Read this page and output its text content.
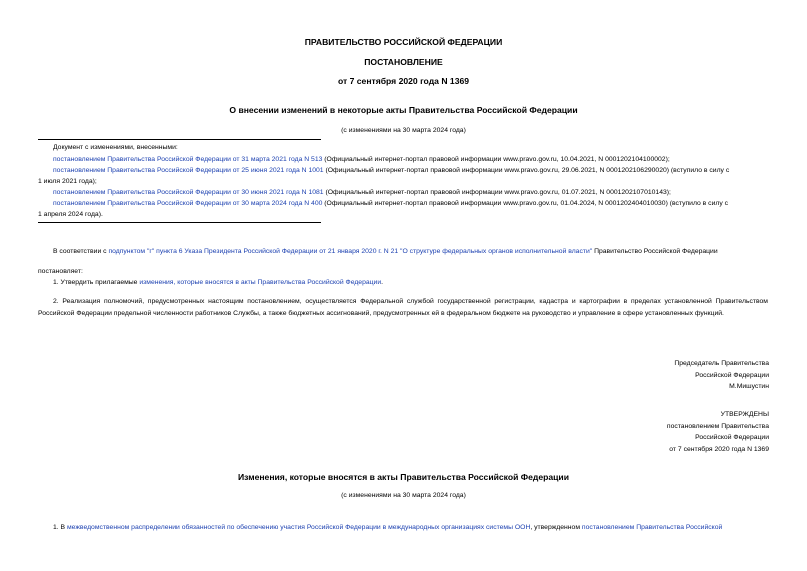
ПРАВИТЕЛЬСТВО РОССИЙСКОЙ ФЕДЕРАЦИИ
ПОСТАНОВЛЕНИЕ
от 7 сентября 2020 года N 1369
О внесении изменений в некоторые акты Правительства Российской Федерации
(с изменениями на 30 марта 2024 года)
Документ с изменениями, внесенными:
постановлением Правительства Российской Федерации от 31 марта 2021 года N 513 (Официальный интернет-портал правовой информации www.pravo.gov.ru, 10.04.2021, N 0001202104100002);
постановлением Правительства Российской Федерации от 25 июня 2021 года N 1001 (Официальный интернет-портал правовой информации www.pravo.gov.ru, 29.06.2021, N 0001202106290020) (вступило в силу с
1 июля 2021 года);
постановлением Правительства Российской Федерации от 30 июня 2021 года N 1081 (Официальный интернет-портал правовой информации www.pravo.gov.ru, 01.07.2021, N 0001202107010143);
постановлением Правительства Российской Федерации от 30 марта 2024 года N 400 (Официальный интернет-портал правовой информации www.pravo.gov.ru, 01.04.2024, N 0001202404010030) (вступило в силу с
1 апреля 2024 года).
В соответствии с подпунктом "г" пункта 6 Указа Президента Российской Федерации от 21 января 2020 г. N 21 "О структуре федеральных органов исполнительной власти" Правительство Российской Федерации
постановляет:
1. Утвердить прилагаемые изменения, которые вносятся в акты Правительства Российской Федерации.
2. Реализация полномочий, предусмотренных настоящим постановлением, осуществляется Федеральной службой государственной регистрации, кадастра и картографии в пределах установленной Правительством Российской Федерации предельной численности работников Службы, а также бюджетных ассигнований, предусмотренных ей в федеральном бюджете на руководство и управление в сфере установленных функций.
Председатель Правительства
Российской Федерации
М.Мишустин
УТВЕРЖДЕНЫ
постановлением Правительства
Российской Федерации
от 7 сентября 2020 года N 1369
Изменения, которые вносятся в акты Правительства Российской Федерации
(с изменениями на 30 марта 2024 года)
1. В межведомственном распределении обязанностей по обеспечению участия Российской Федерации в международных организациях системы ООН, утвержденном постановлением Правительства Российской
